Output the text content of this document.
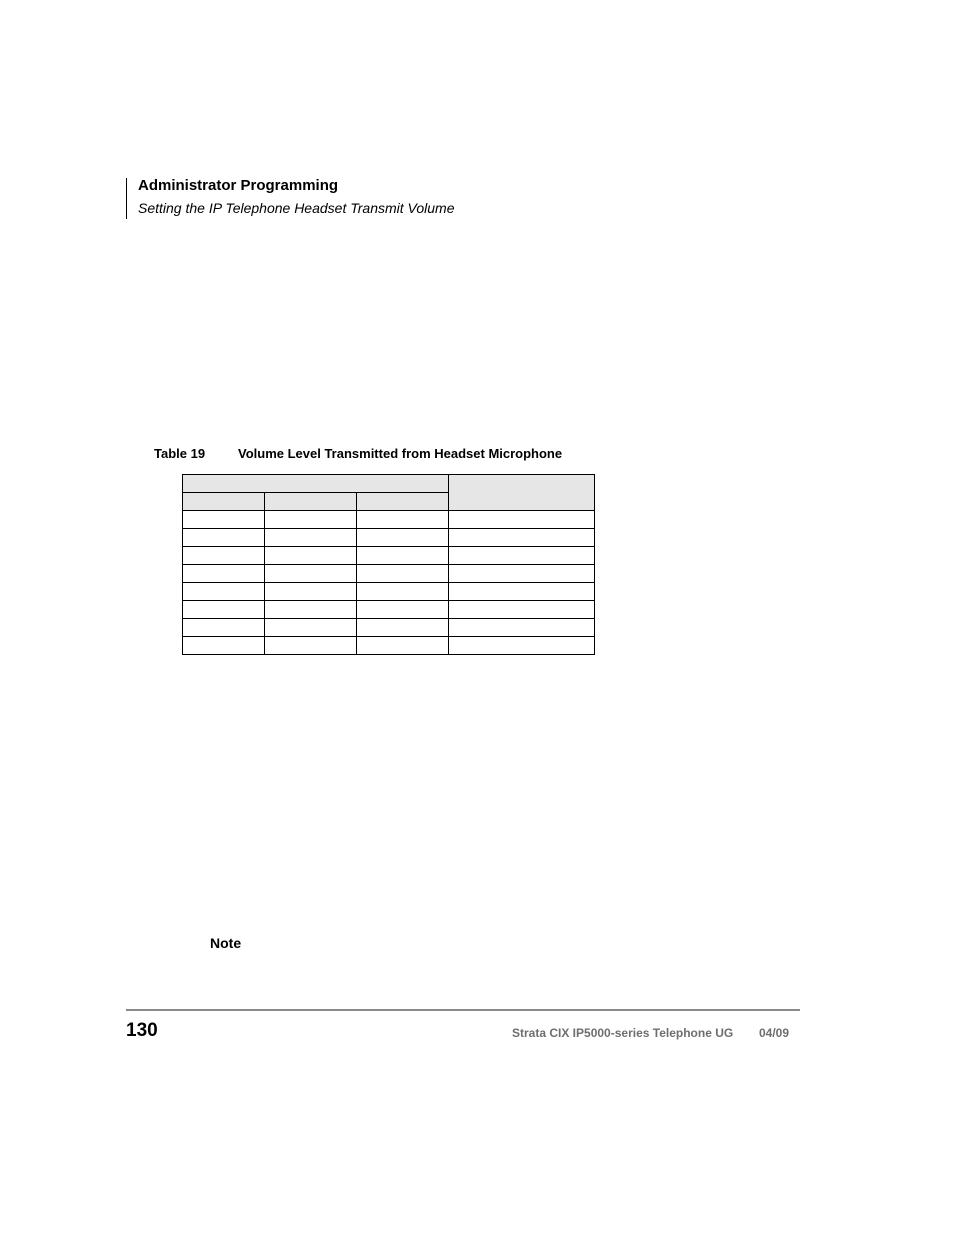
Administrator Programming
Setting the IP Telephone Headset Transmit Volume
Table 19	Volume Level Transmitted from Headset Microphone

Note
130	Strata CIX IP5000-series Telephone UG 04/09
